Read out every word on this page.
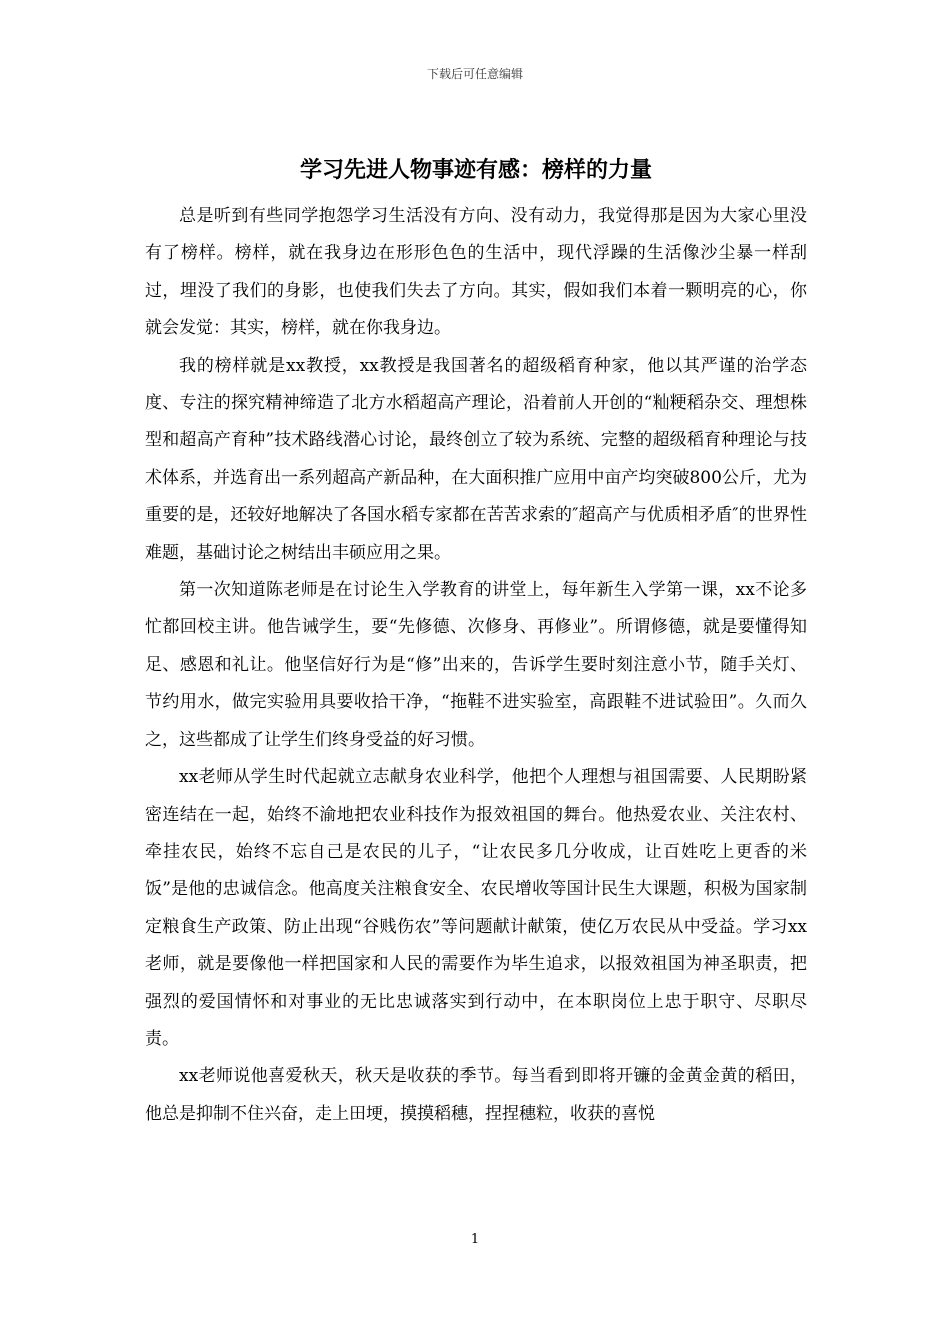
下载后可任意编辑
学习先进人物事迹有感：榜样的力量

总是听到有些同学抱怨学习生活没有方向、没有动力，我觉得那是因为大家心里没有了榜样。榜样，就在我身边在形形色色的生活中，现代浮躁的生活像沙尘暴一样刮过，埋没了我们的身影，也使我们失去了方向。其实，假如我们本着一颗明亮的心，你就会发觉：其实，榜样，就在你我身边。

我的榜样就是xx教授，xx教授是我国著名的超级稻育种家，他以其严谨的治学态度、专注的探究精神缔造了北方水稻超高产理论，沿着前人开创的“籼粳稻杂交、理想株型和超高产育种”技术路线潜心讨论，最终创立了较为系统、完整的超级稻育种理论与技术体系，并选育出一系列超高产新品种，在大面积推广应用中亩产均突破800公斤，尤为重要的是，还较好地解决了各国水稻专家都在苦苦求索的″超高产与优质相矛盾″的世界性难题，基础讨论之树结出丰硕应用之果。

第一次知道陈老师是在讨论生入学教育的讲堂上，每年新生入学第一课，xx不论多忙都回校主讲。他告诫学生，要“先修德、次修身、再修业”。所谓修德，就是要懂得知足、感恩和礼让。他坚信好行为是“修”出来的，告诉学生要时刻注意小节，随手关灯、节约用水，做完实验用具要收拾干净，“拖鞋不进实验室，高跟鞋不进试验田”。久而久之，这些都成了让学生们终身受益的好习惯。

xx老师从学生时代起就立志献身农业科学，他把个人理想与祖国需要、人民期盼紧密连结在一起，始终不渝地把农业科技作为报效祖国的舞台。他热爱农业、关注农村、牵挂农民，始终不忘自己是农民的儿子，“让农民多几分收成，让百姓吃上更香的米饭”是他的忠诚信念。他高度关注粮食安全、农民增收等国计民生大课题，积极为国家制定粮食生产政策、防止出现“谷贱伤农”等问题献计献策，使亿万农民从中受益。学习xx老师，就是要像他一样把国家和人民的需要作为毕生追求，以报效祖国为神圣职责，把强烈的爱国情怀和对事业的无比忠诚落实到行动中，在本职岗位上忠于职守、尽职尽责。

xx老师说他喜爱秋天，秋天是收获的季节。每当看到即将开镰的金黄金黄的稻田，他总是抑制不住兴奋，走上田埂，摸摸稻穗，捏捏穗粒，收获的喜悦

1
